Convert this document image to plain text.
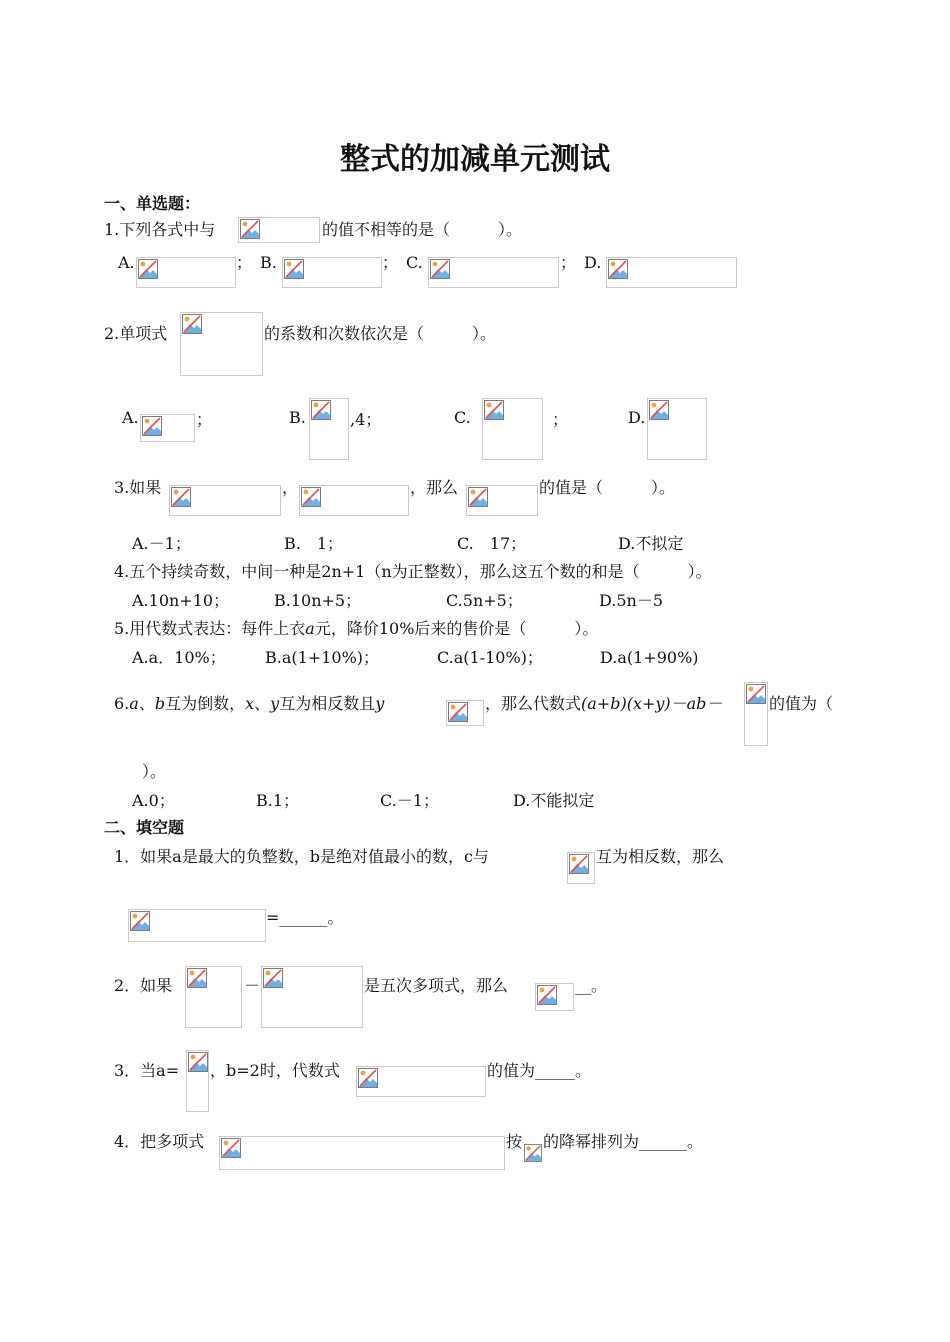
整式的加减单元测试
一、单选题：
1.下列各式中与	的值不相等的是（　　　）。
A.	；　B.	；　C.	；　D.
2.单项式	的系数和次数依次是（　　　）。
A.	；	B.	,4；	C.	；	D.
3.如果	，	，那么	的值是（　　　）。
A.－1；	B.　1；	C.　17；	D.不拟定
4.五个持续奇数，中间一种是2n+1（n为正整数），那么这五个数的和是（　　　）。
A.10n+10；	B.10n+5；	C.5n+5；	D.5n－5
5.用代数式表达：每件上衣a元，降价10%后来的售价是（　　　）。
A.a．10%； B.a(1+10%)；	C.a(1-10%)；	D.a(1+90%)
6.a、b互为倒数，x、y互为相反数且y	，那么代数式(a+b)(x+y)－ab－	的值为（
）。
A.0；	B.1；	C.－1；	D.不能拟定
二、填空题
1．如果a是最大的负整数，b是绝对值最小的数，c与	互为相反数，那么
=______。
2．如果	－	是五次多项式，那么	__。
3．当a= ，b=2时，代数式	的值为_____。
4．把多项式	按 的降幂排列为______。
